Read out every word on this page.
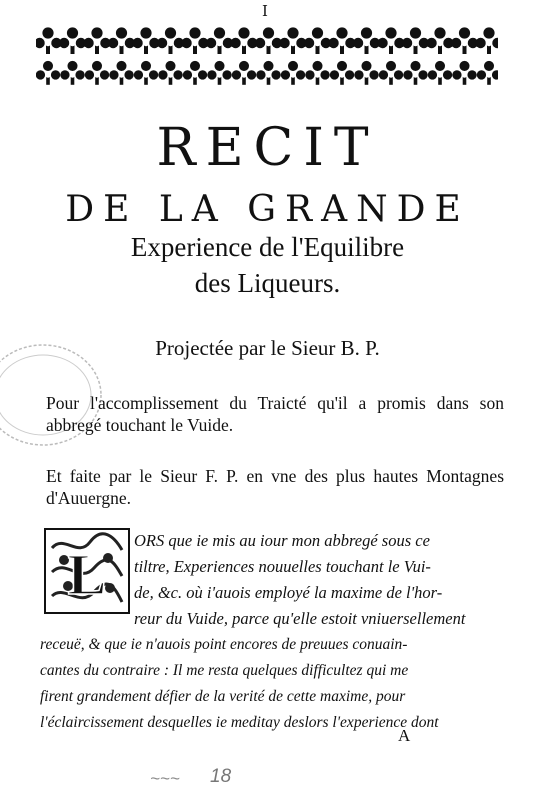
I
RECIT
DE LA GRANDE
Experience de l'Equilibre
des Liqueurs.
Projectée par le Sieur B. P.
Pour l'accomplissement du Traicté qu'il a promis dans son abbregé touchant le Vuide.
Et faite par le Sieur F. P. en vne des plus hautes Montagnes d'Auuergne.
L
ORS que ie mis au iour mon abbregé sous ce
tiltre, Experiences nouuelles touchant le Vui-
de, &c. où i'auois employé la maxime de l'hor-
reur du Vuide, parce qu'elle estoit vniuersellement
receuë, & que ie n'auois point encores de preuues conuain-
cantes du contraire : Il me resta quelques difficultez qui me
firent grandement défier de la verité de cette maxime, pour
l'éclaircissement desquelles ie meditay deslors l'experience dont
A
~~~ 18
